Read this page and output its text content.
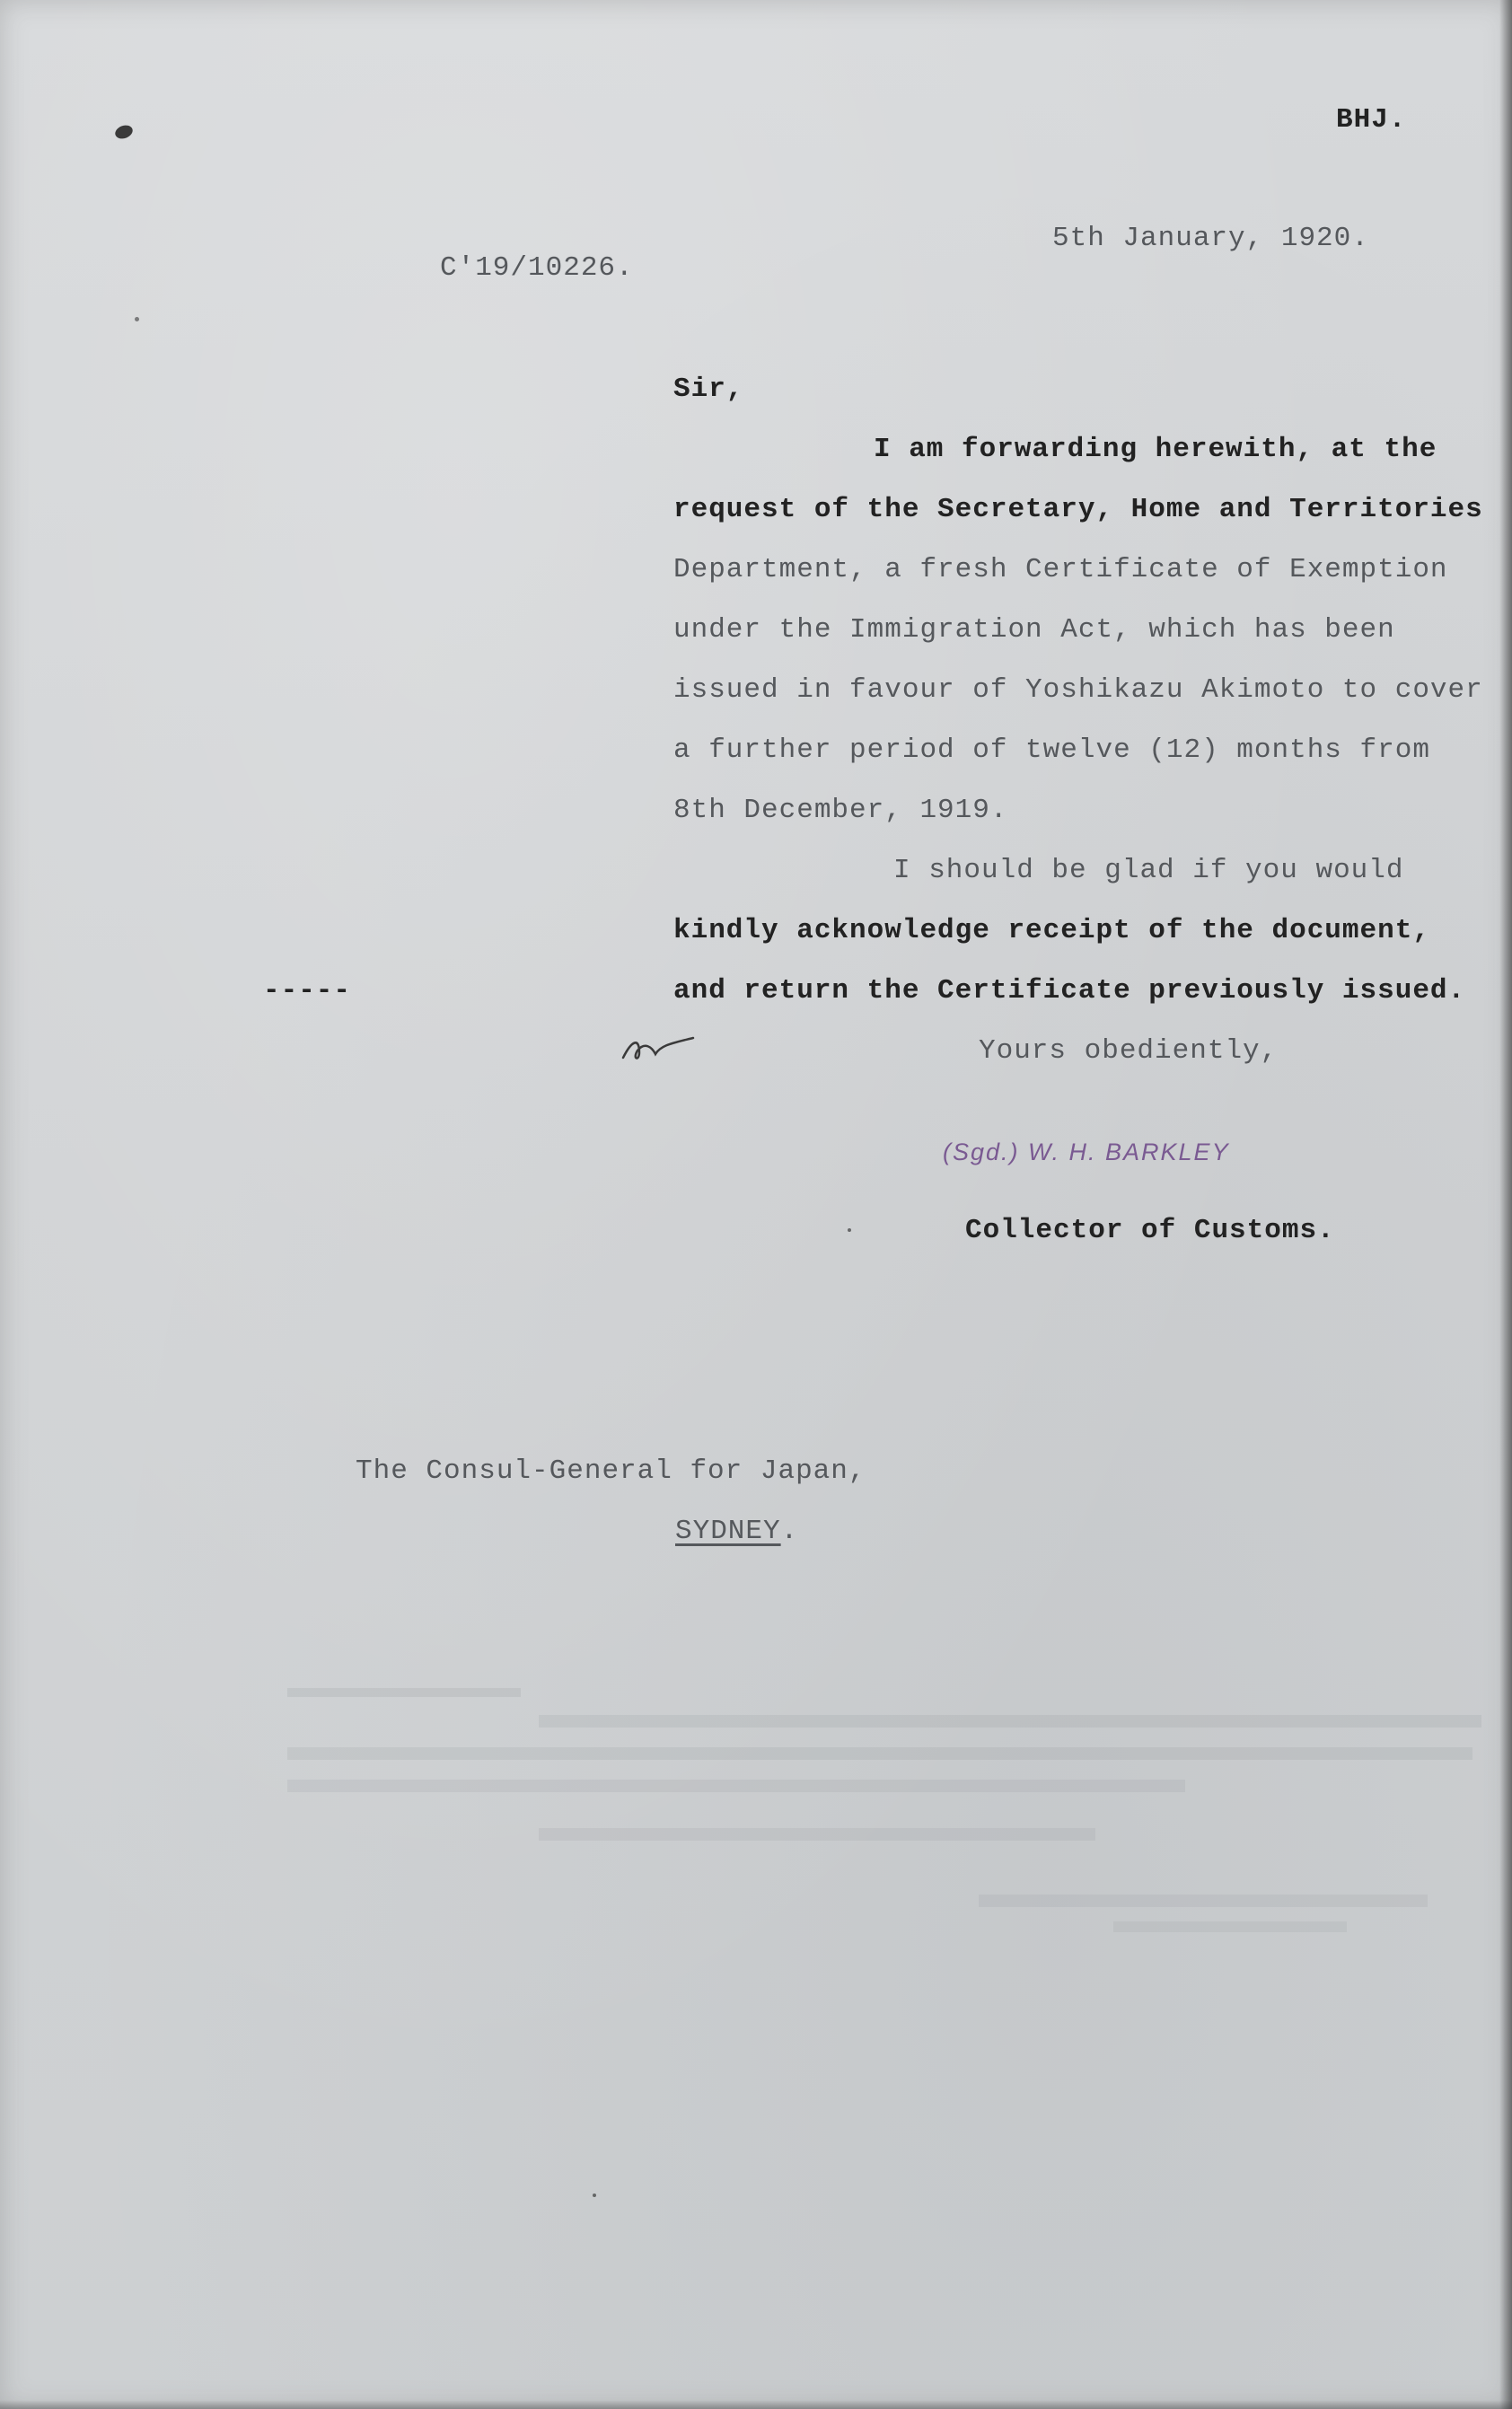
BHJ.
5th January, 1920.
C'19/10226.
Sir,
I am forwarding herewith, at the
request of the Secretary, Home and Territories
Department, a fresh Certificate of Exemption
under the Immigration Act, which has been
issued in favour of Yoshikazu Akimoto to cover
a further period of twelve (12) months from
8th December, 1919.
I should be glad if you would
kindly acknowledge receipt of the document,
and return the Certificate previously issued.
-----
Yours obediently,
(Sgd.) W. H. BARKLEY
Collector of Customs.
The Consul-General for Japan,
SYDNEY.
